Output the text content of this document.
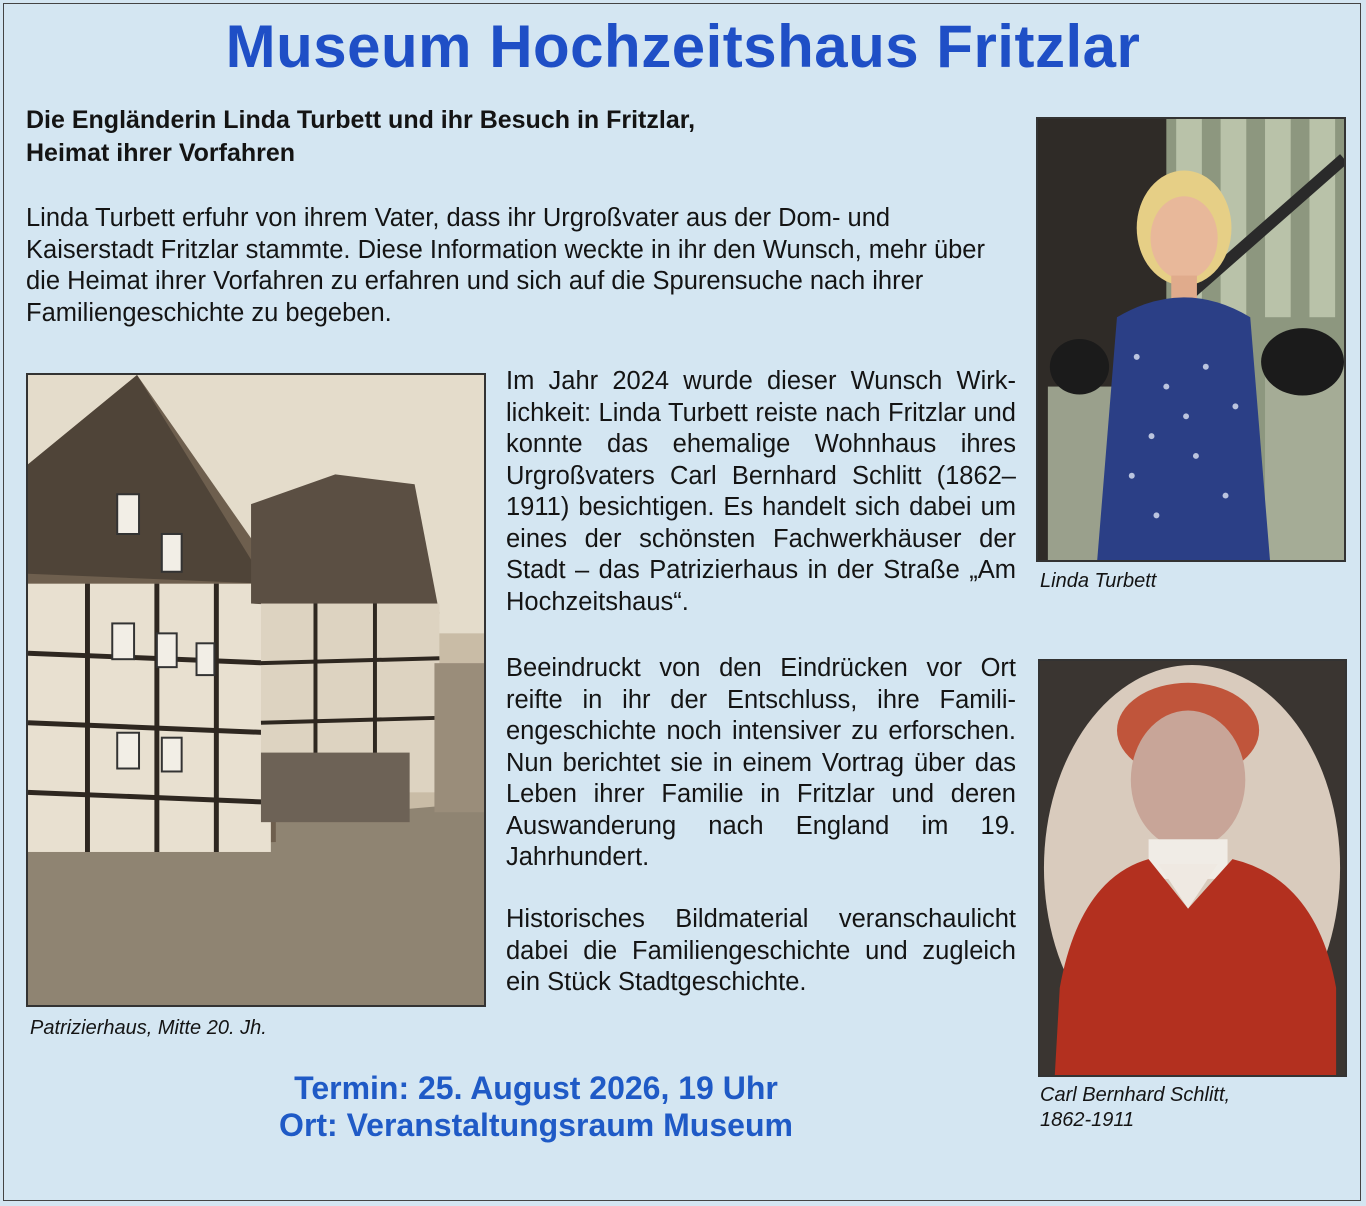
Museum Hochzeitshaus Fritzlar
Die Engländerin Linda Turbett und ihr Besuch in Fritzlar,
Heimat ihrer Vorfahren

Linda Turbett erfuhr von ihrem Vater, dass ihr Urgroßvater aus der Dom- und Kaiserstadt Fritzlar stammte. Diese Information weckte in ihr den Wunsch, mehr über die Heimat ihrer Vorfahren zu erfahren und sich auf die Spurensuche nach ihrer Familiengeschichte zu begeben.

Patrizierhaus, Mitte 20. Jh.

Im Jahr 2024 wurde dieser Wunsch Wirklichkeit: Linda Turbett reiste nach Fritzlar und konnte das ehemalige Wohnhaus ihres Urgroßvaters Carl Bernhard Schlitt (1862–1911) besichtigen. Es handelt sich dabei um eines der schönsten Fachwerkhäuser der Stadt – das Patrizierhaus in der Straße „Am Hochzeitshaus“.

Beeindruckt von den Eindrücken vor Ort reifte in ihr der Entschluss, ihre Familiengeschichte noch intensiver zu erforschen. Nun berichtet sie in einem Vortrag über das Leben ihrer Familie in Fritzlar und deren Auswanderung nach England im 19. Jahrhundert.

Historisches Bildmaterial veranschaulicht dabei die Familiengeschichte und zugleich ein Stück Stadtgeschichte.

Linda Turbett

Carl Bernhard Schlitt,
1862-1911

Termin: 25. August 2026, 19 Uhr

Ort: Veranstaltungsraum Museum
